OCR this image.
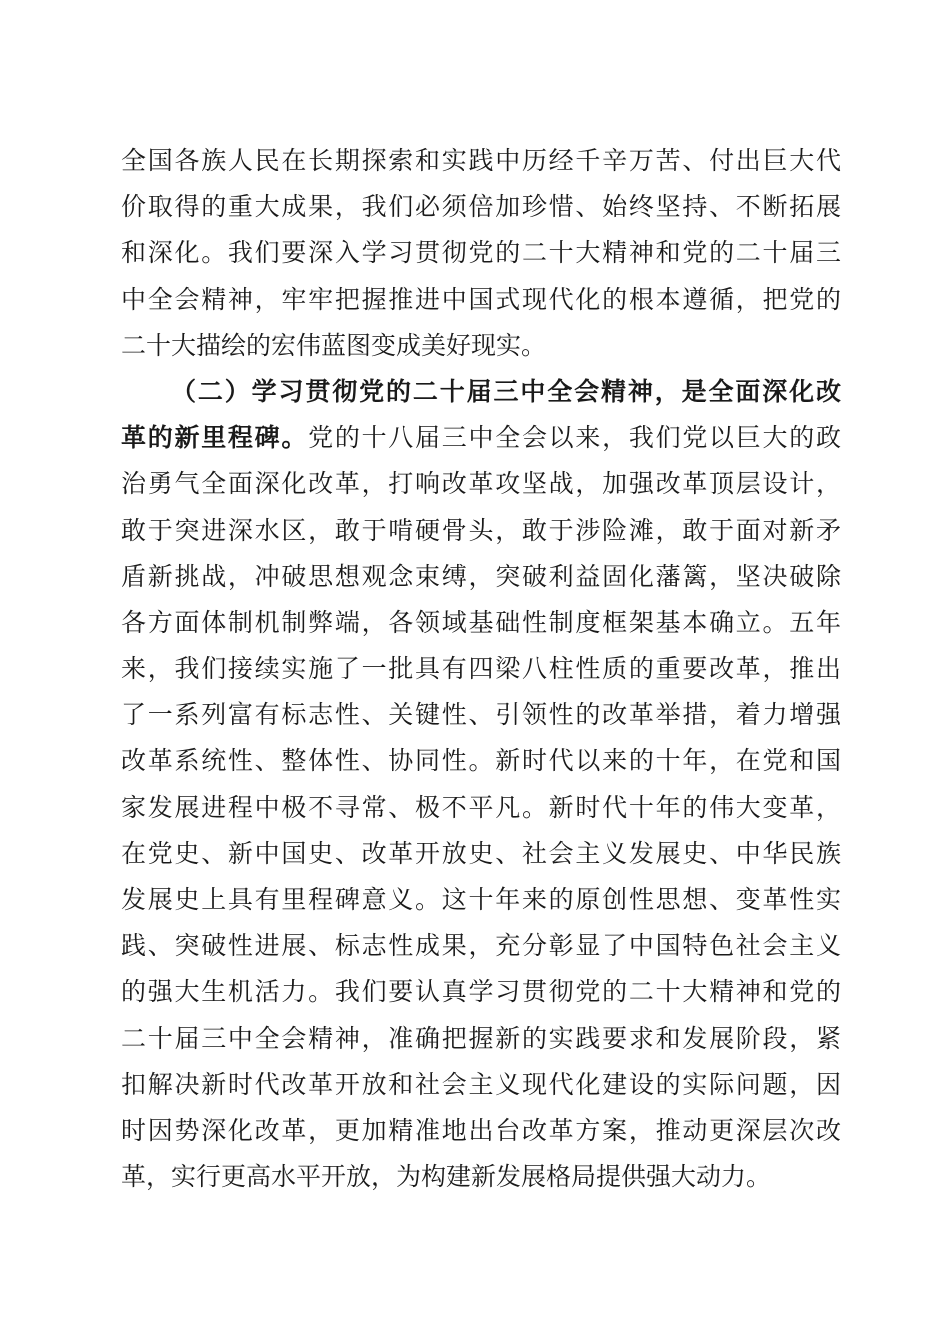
全国各族人民在长期探索和实践中历经千辛万苦、付出巨大代
价取得的重大成果，我们必须倍加珍惜、始终坚持、不断拓展
和深化。我们要深入学习贯彻党的二十大精神和党的二十届三
中全会精神，牢牢把握推进中国式现代化的根本遵循，把党的
二十大描绘的宏伟蓝图变成美好现实。
（二）学习贯彻党的二十届三中全会精神，是全面深化改
革的新里程碑。党的十八届三中全会以来，我们党以巨大的政
治勇气全面深化改革，打响改革攻坚战，加强改革顶层设计，
敢于突进深水区，敢于啃硬骨头，敢于涉险滩，敢于面对新矛
盾新挑战，冲破思想观念束缚，突破利益固化藩篱，坚决破除
各方面体制机制弊端，各领域基础性制度框架基本确立。五年
来，我们接续实施了一批具有四梁八柱性质的重要改革，推出
了一系列富有标志性、关键性、引领性的改革举措，着力增强
改革系统性、整体性、协同性。新时代以来的十年，在党和国
家发展进程中极不寻常、极不平凡。新时代十年的伟大变革，
在党史、新中国史、改革开放史、社会主义发展史、中华民族
发展史上具有里程碑意义。这十年来的原创性思想、变革性实
践、突破性进展、标志性成果，充分彰显了中国特色社会主义
的强大生机活力。我们要认真学习贯彻党的二十大精神和党的
二十届三中全会精神，准确把握新的实践要求和发展阶段，紧
扣解决新时代改革开放和社会主义现代化建设的实际问题，因
时因势深化改革，更加精准地出台改革方案，推动更深层次改
革，实行更高水平开放，为构建新发展格局提供强大动力。
